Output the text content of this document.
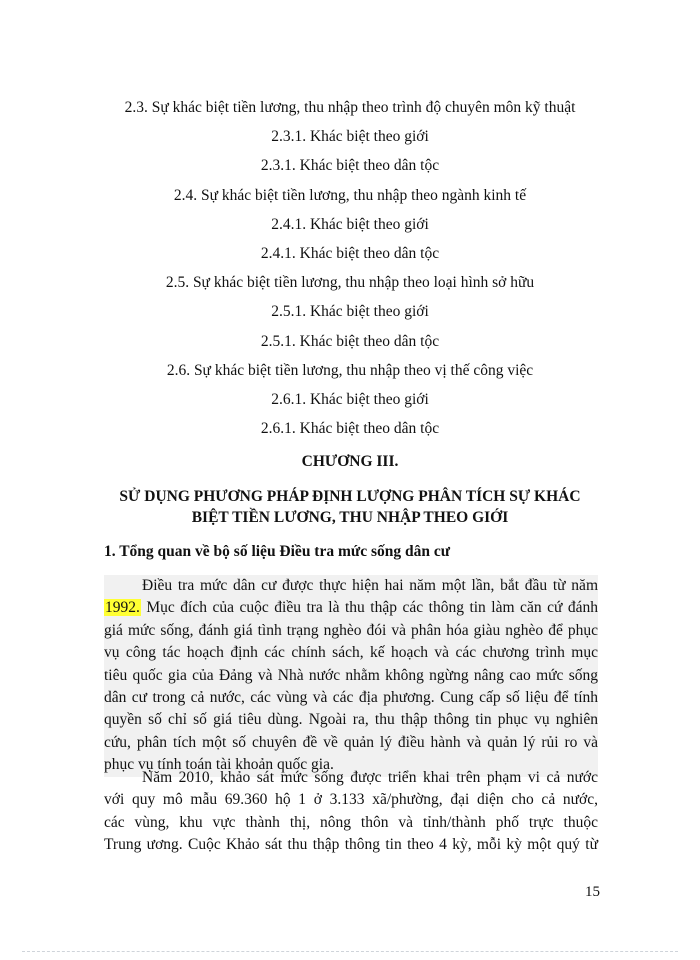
2.3. Sự khác biệt tiền lương, thu nhập theo trình độ chuyên môn kỹ thuật
2.3.1. Khác biệt theo giới
2.3.1. Khác biệt theo dân tộc
2.4. Sự khác biệt tiền lương, thu nhập theo ngành kinh tế
2.4.1. Khác biệt theo giới
2.4.1. Khác biệt theo dân tộc
2.5. Sự khác biệt tiền lương, thu nhập theo loại hình sở hữu
2.5.1. Khác biệt theo giới
2.5.1. Khác biệt theo dân tộc
2.6. Sự khác biệt tiền lương, thu nhập theo vị thế công việc
2.6.1. Khác biệt theo giới
2.6.1. Khác biệt theo dân tộc
CHƯƠNG III.
SỬ DỤNG PHƯƠNG PHÁP ĐỊNH LƯỢNG PHÂN TÍCH SỰ KHÁC
BIỆT TIỀN LƯƠNG, THU NHẬP THEO GIỚI
1. Tổng quan về bộ số liệu Điều tra mức sống dân cư
Điều tra mức dân cư được thực hiện hai năm một lần, bắt đầu từ năm
1992. Mục đích của cuộc điều tra là thu thập các thông tin làm căn cứ đánh
giá mức sống, đánh giá tình trạng nghèo đói và phân hóa giàu nghèo để phục
vụ công tác hoạch định các chính sách, kế hoạch và các chương trình mục
tiêu quốc gia của Đảng và Nhà nước nhằm không ngừng nâng cao mức sống
dân cư trong cả nước, các vùng và các địa phương. Cung cấp số liệu để tính
quyền số chỉ số giá tiêu dùng. Ngoài ra, thu thập thông tin phục vụ nghiên
cứu, phân tích một số chuyên đề về quản lý điều hành và quản lý rủi ro và
phục vụ tính toán tài khoản quốc gia.
Năm 2010, khảo sát mức sống được triển khai trên phạm vi cả nước
với quy mô mẫu 69.360 hộ 1 ở 3.133 xã/phường, đại diện cho cả nước,
các vùng, khu vực thành thị, nông thôn và tỉnh/thành phố trực thuộc
Trung ương. Cuộc Khảo sát thu thập thông tin theo 4 kỳ, mỗi kỳ một quý từ
15
